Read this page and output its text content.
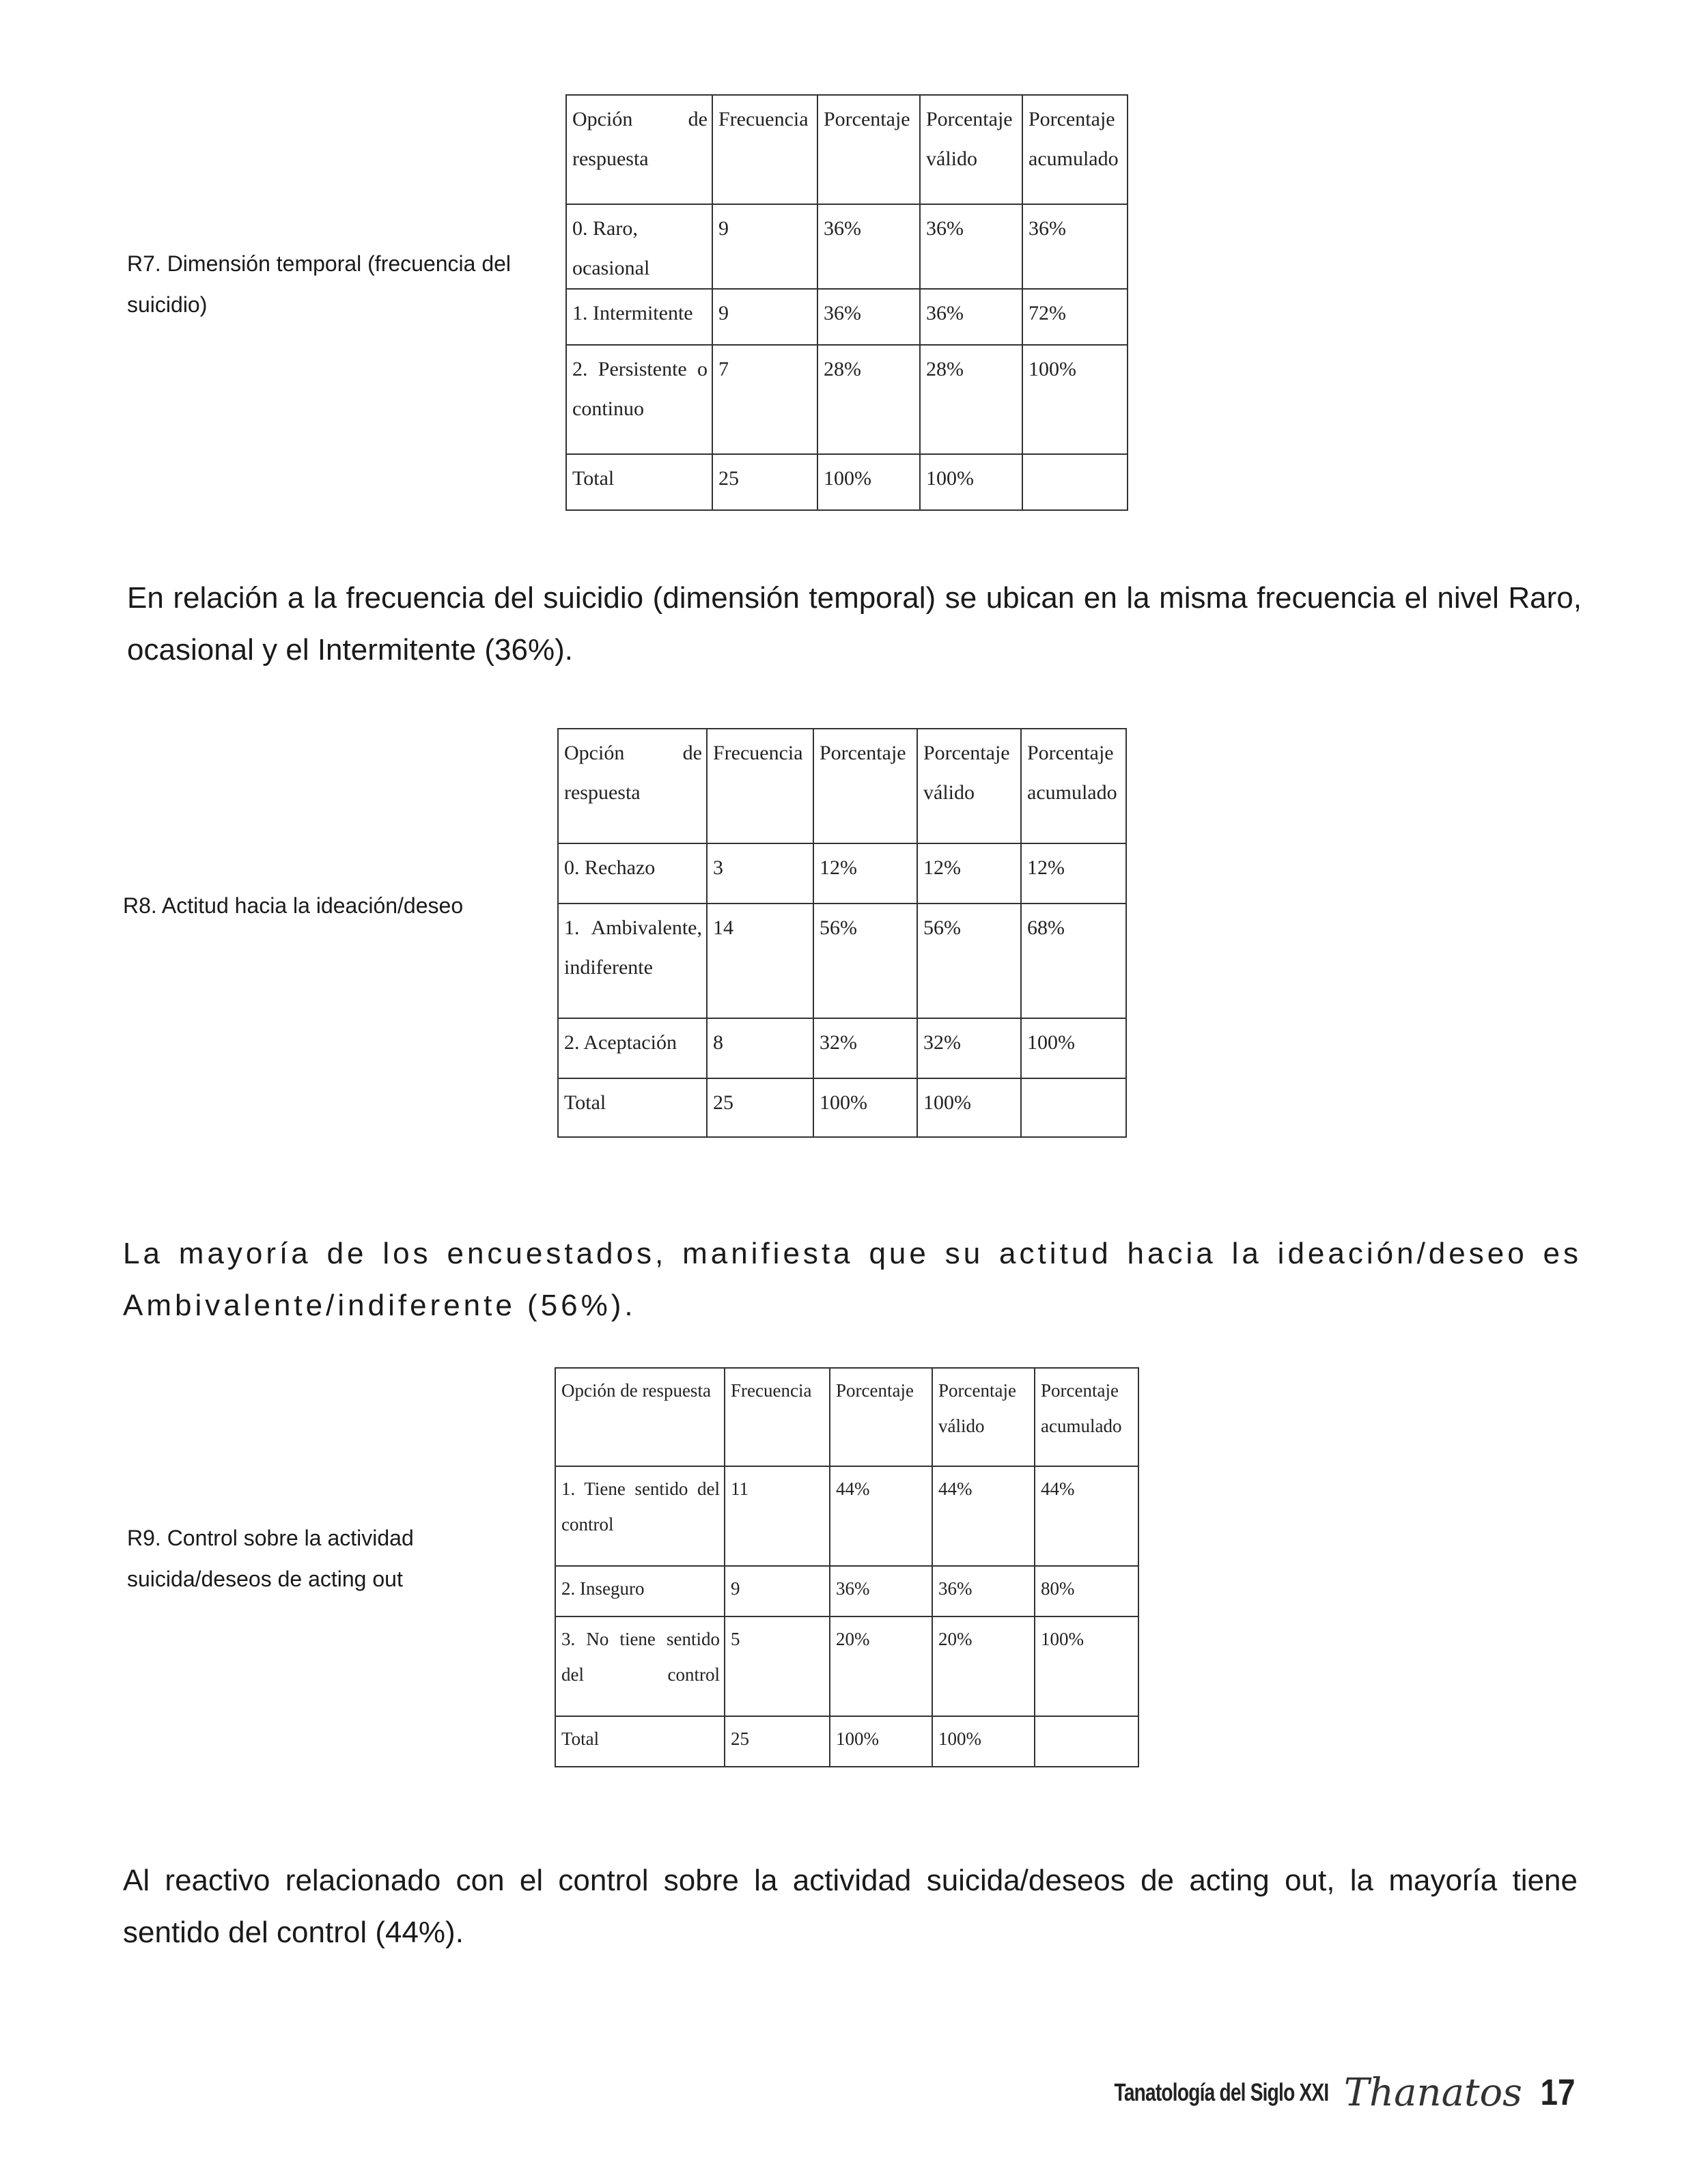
R7. Dimensión temporal (frecuencia del suicidio)

Opción de respuesta	Frecuencia	Porcentaje	Porcentaje válido	Porcentaje acumulado
0. Raro, ocasional	9	36%	36%	36%
1. Intermitente	9	36%	36%	72%

2. Persistente o continuo	7	28%	28%	100%
Total	25	100%	100%	

En relación a la frecuencia del suicidio (dimensión temporal) se ubican en la misma frecuencia el nivel Raro, ocasional y el Intermitente (36%).

R8. Actitud hacia la ideación/deseo

Opción de respuesta	Frecuencia	Porcentaje	Porcentaje válido	Porcentaje acumulado
0. Rechazo	3	12%	12%	12%

1. Ambivalente, indiferente	14	56%	56%	68%
2. Aceptación	8	32%	32%	100%
Total	25	100%	100%	

La mayoría de los encuestados, manifiesta que su actitud hacia la ideación/deseo es Ambivalente/indiferente (56%).

R9. Control sobre la actividad suicida/deseos de acting out

Opción de respuesta	Frecuencia	Porcentaje	Porcentaje válido	Porcentaje acumulado

1. Tiene sentido del control	11	44%	44%	44%
2. Inseguro	9	36%	36%	80%

3. No tiene sentido del control	5	20%	20%	100%
Total	25	100%	100%	

Al reactivo relacionado con el control sobre la actividad suicida/deseos de acting out, la mayoría tiene sentido del control (44%).

Tanatología del Siglo XXI Thanatos 17
